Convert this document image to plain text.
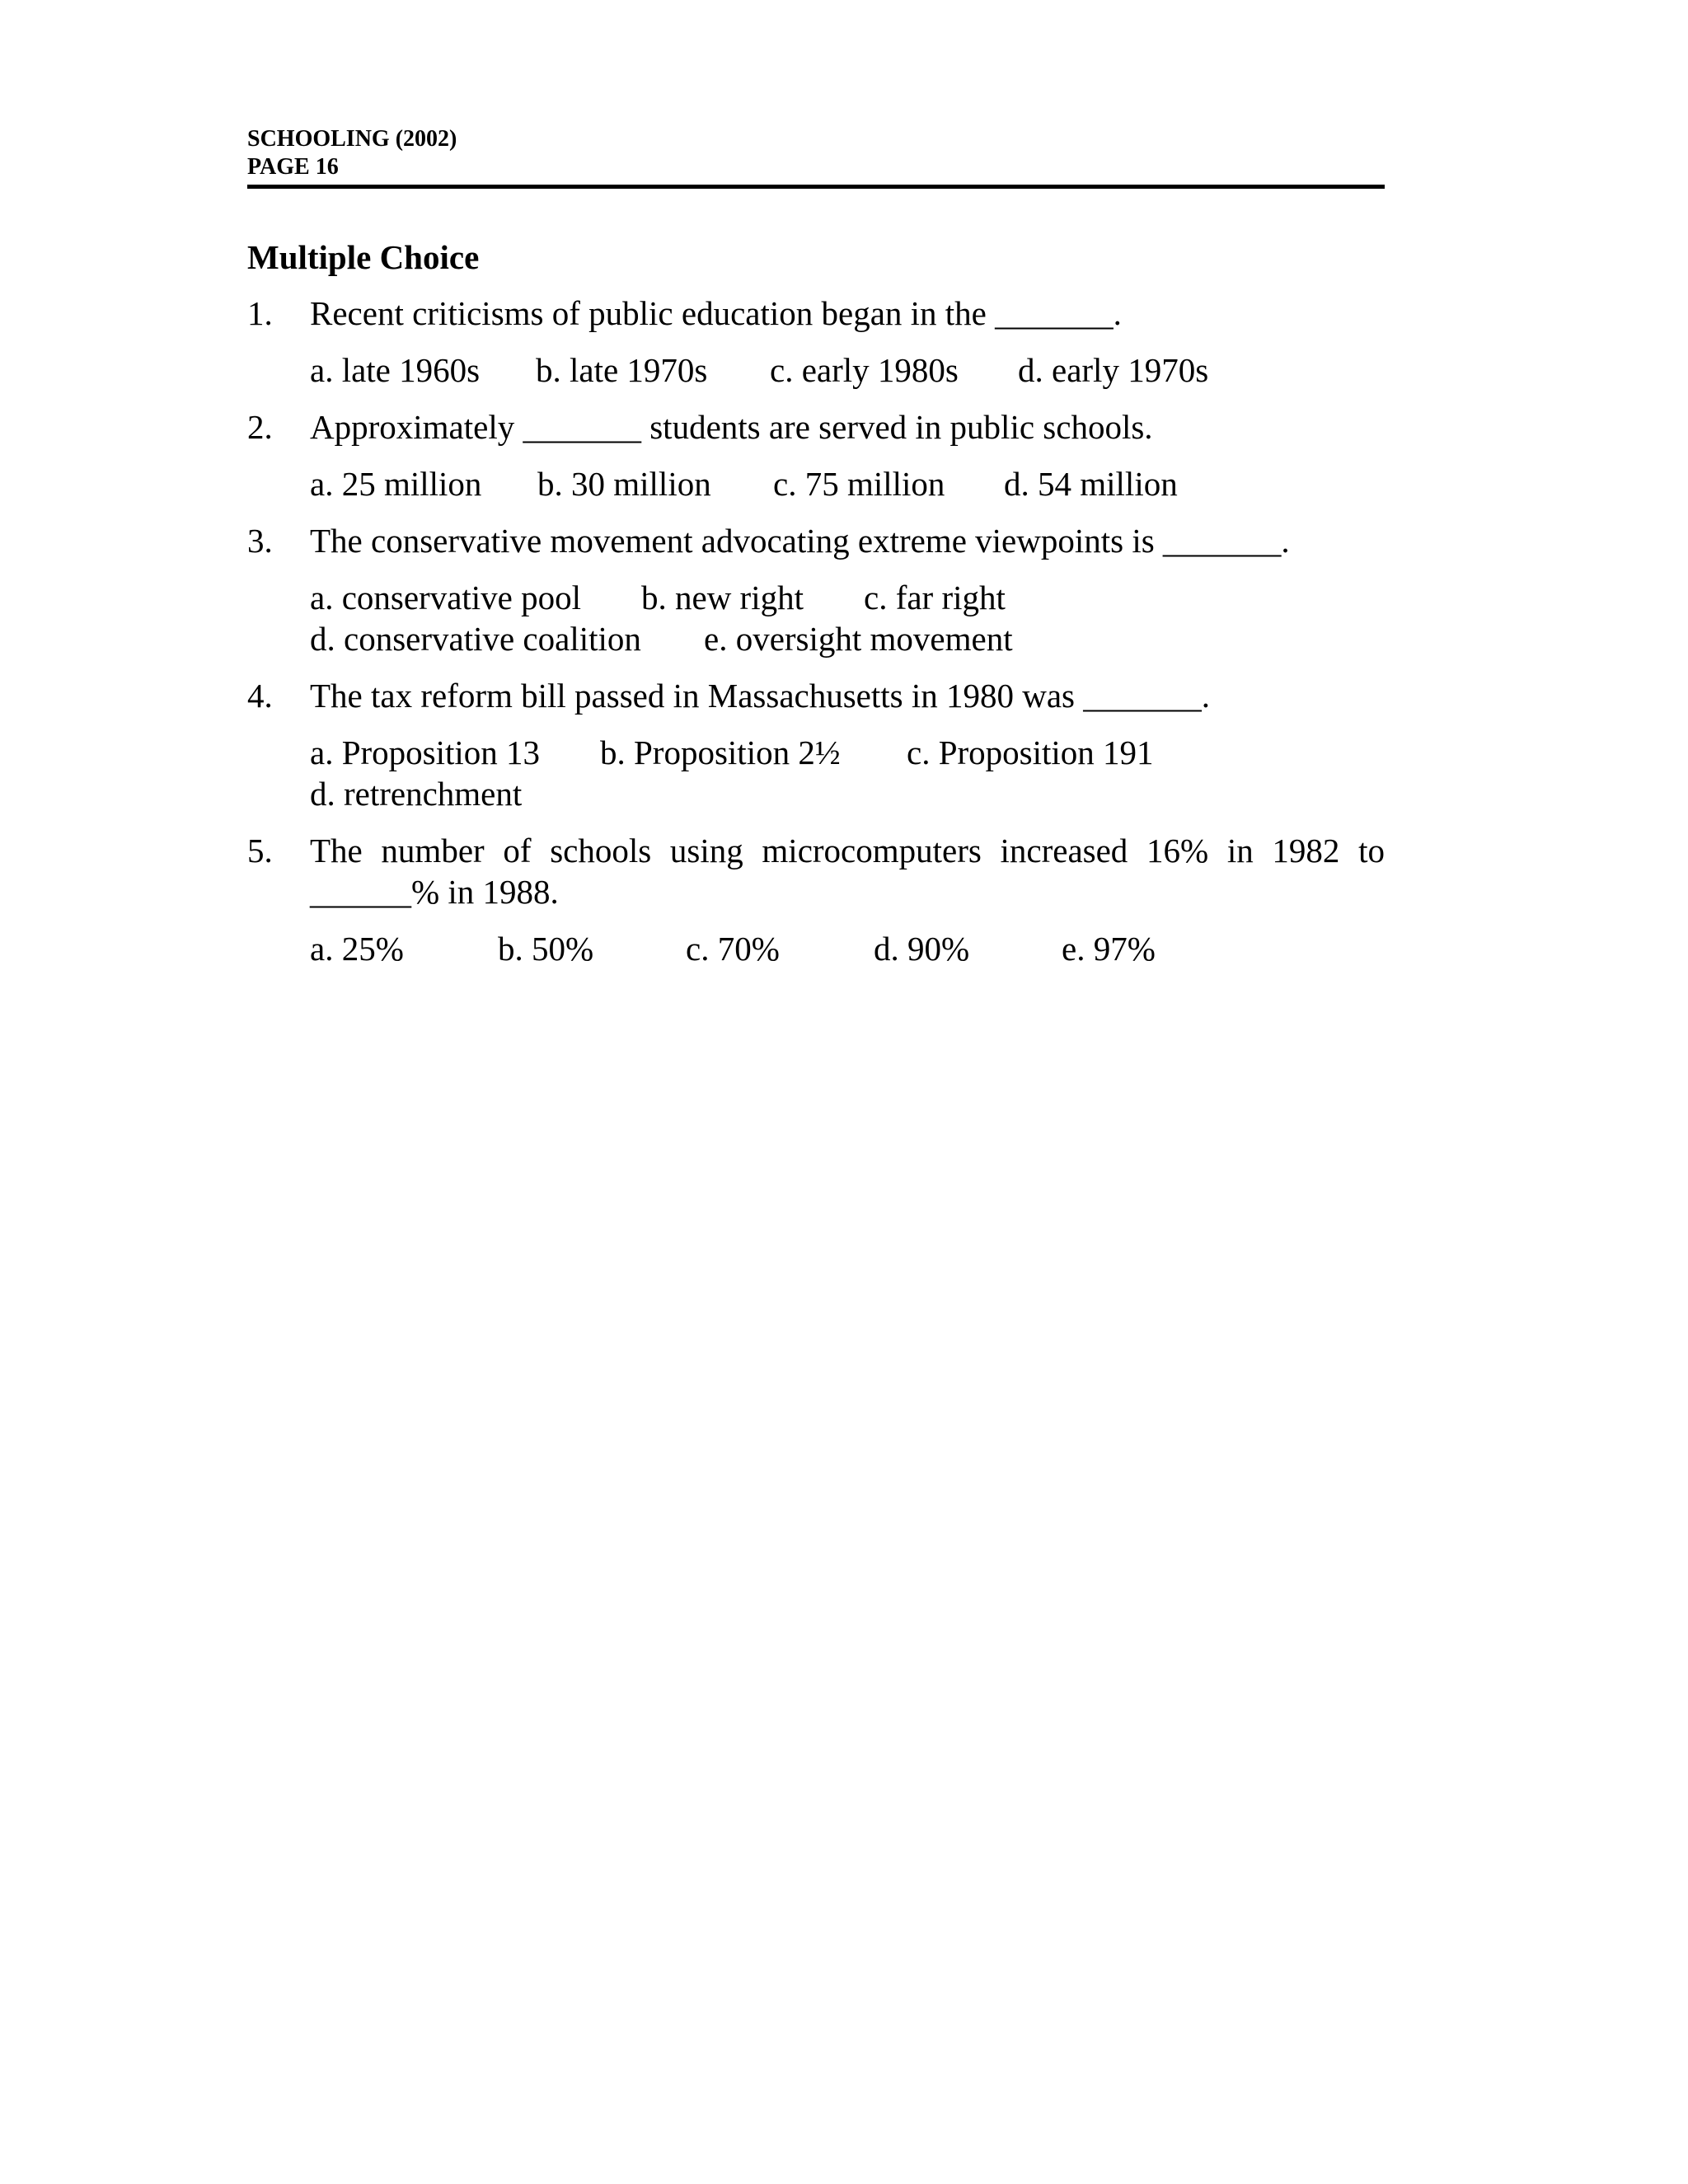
SCHOOLING (2002)
PAGE 16
Multiple Choice
1. Recent criticisms of public education began in the _______.
a. late 1960s b. late 1970s c. early 1980s d. early 1970s
2. Approximately _______ students are served in public schools.
a. 25 million b. 30 million c. 75 million d. 54 million
3. The conservative movement advocating extreme viewpoints is _______.
a. conservative pool b. new right c. far right
d. conservative coalition e. oversight movement
4. The tax reform bill passed in Massachusetts in 1980 was _______.
a. Proposition 13 b. Proposition 2½ c. Proposition 191
d. retrenchment
5. The number of schools using microcomputers increased 16% in 1982 to
______% in 1988.
a. 25%	b. 50%	c. 70%	d. 90%	e. 97%
